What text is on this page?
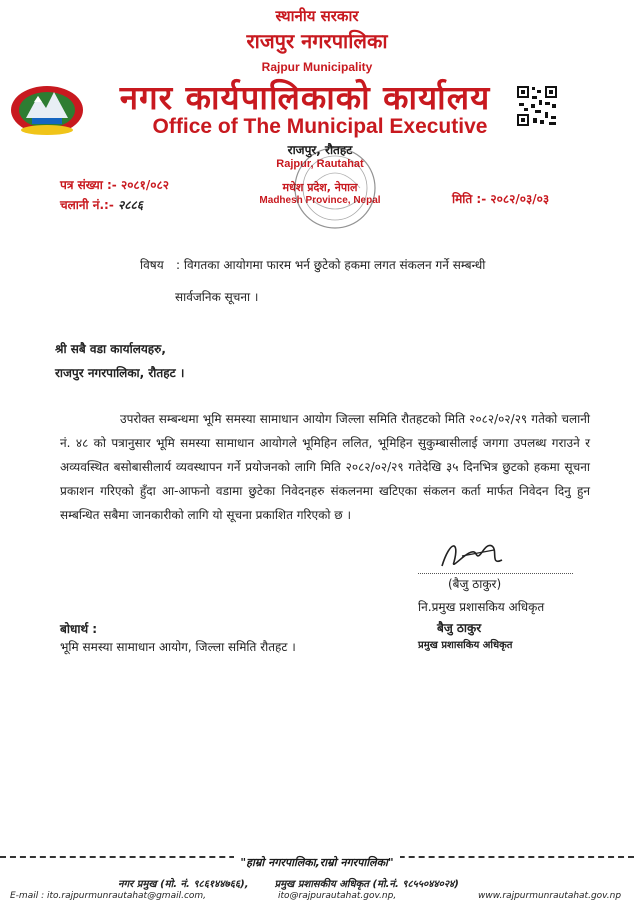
स्थानीय सरकार
राजपुर नगरपालिका
Rajpur Municipality
नगर कार्यपालिकाको कार्यालय
Office of The Municipal Executive
राजपुर, रौतहट
Rajpur, Rautahat
मधेश प्रदेश, नेपाल
Madhesh Province, Nepal
पत्र संख्या :- २०८१/०८२
चलानी नं.:- २८८६	मिति :- २०८२/०३/०३
विषय : विगतका आयोगमा फारम भर्न छुटेको हकमा लगत संकलन गर्ने सम्बन्धी
सार्वजनिक सूचना ।
श्री सबै वडा कार्यालयहरु,
राजपुर नगरपालिका, रौतहट ।
उपरोक्त सम्बन्धमा भूमि समस्या सामाधान आयोग जिल्ला समिति रौतहटको मिति २०८२/०२/२९ गतेको चलानी नं. ४८ को पत्रानुसार भूमि समस्या सामाधान आयोगले भूमिहिन ललित, भूमिहिन सुकुम्बासीलाई जगगा उपलब्ध गराउने र अव्यवस्थित बसोबासीलार्य व्यवस्थापन गर्ने प्रयोजनको लागि मिति २०८२/०२/२९ गतेदेखि ३५ दिनभित्र छुटको हकमा सूचना प्रकाशन गरिएको हुँदा आ-आफनो वडामा छुटेका निवेदनहरु संकलनमा खटिएका संकलन कर्ता मार्फत निवेदन दिनु हुन सम्बन्धित सबैमा जानकारीको लागि यो सूचना प्रकाशित गरिएको छ ।
(बैजु ठाकुर)
नि.प्रमुख प्रशासकिय अधिकृत
बैजु ठाकुर
प्रमुख प्रशासकिय अधिकृत
बोधार्थ :
भूमि समस्या सामाधान आयोग, जिल्ला समिति रौतहट ।
"हाम्रो नगरपालिका,राम्रो नगरपालिका"
नगर प्रमुख (मो. नं. ९८६१४४७६६),	प्रमुख प्रशासकीय अधिकृत (मो.नं. ९८५५०४४०२४)
E-mail : ito.rajpurmunrautahat@gmail.com,	ito@rajpurautahat.gov.np,	www.rajpurmunrautahat.gov.np
